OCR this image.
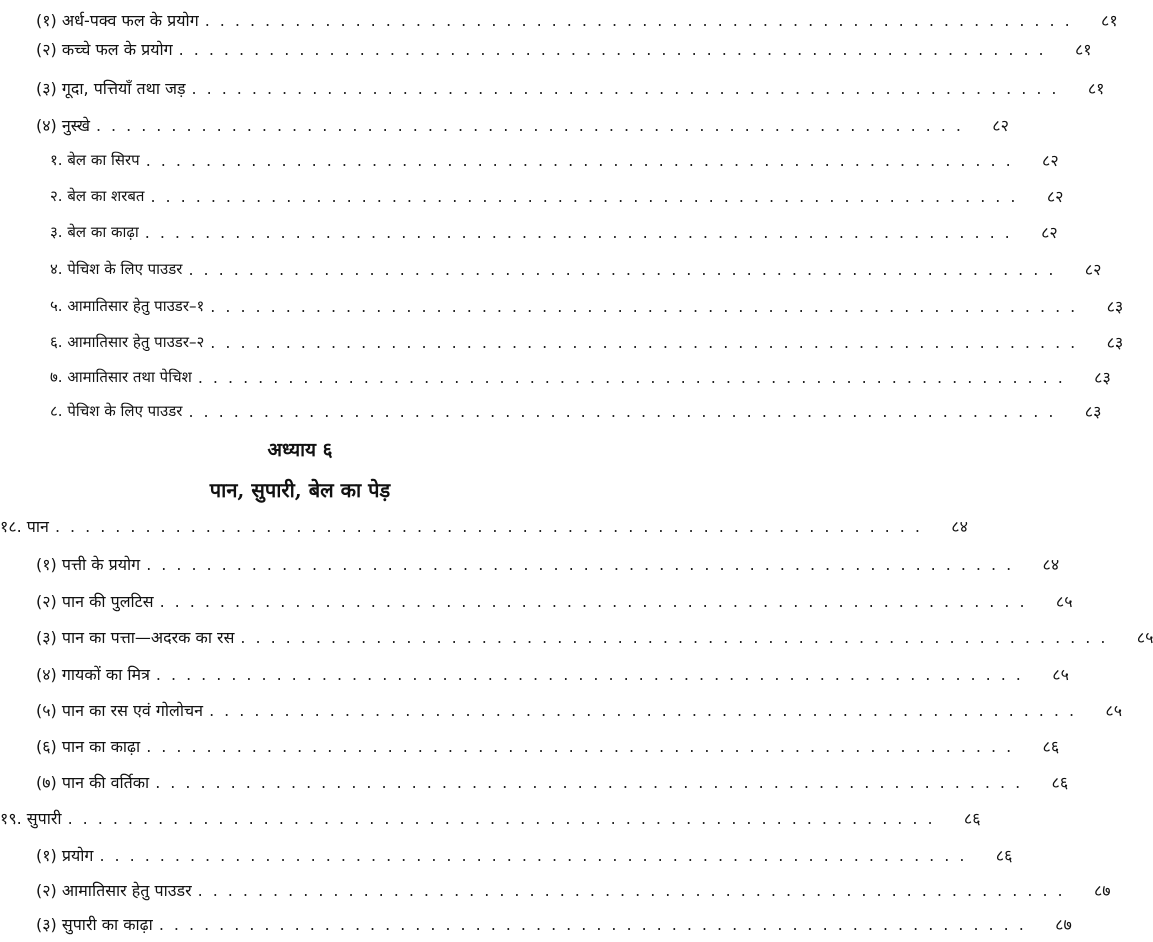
(१) अर्ध-पक्व फल के प्रयोग ..........................................................	८१
(२) कच्चे फल के प्रयोग ..........................................................	८१
(३) गूदा, पत्तियाँ तथा जड़ ..........................................................	८१
(४) नुस्खे ..........................................................	८२
१. बेल का सिरप ..........................................................	८२
२. बेल का शरबत ..........................................................	८२
३. बेल का काढ़ा ..........................................................	८२
४. पेचिश के लिए पाउडर ..........................................................	८२
५. आमातिसार हेतु पाउडर–१ ..........................................................	८३
६. आमातिसार हेतु पाउडर–२ ..........................................................	८३
७. आमातिसार तथा पेचिश ..........................................................	८३
८. पेचिश के लिए पाउडर ..........................................................	८३
अध्याय ६
पान, सुपारी, बेल का पेड़
१८. पान ..........................................................	८४
(१) पत्ती के प्रयोग ..........................................................	८४
(२) पान की पुलटिस ..........................................................	८५
(३) पान का पत्ता—अदरक का रस ..........................................................	८५
(४) गायकों का मित्र ..........................................................	८५
(५) पान का रस एवं गोलोचन ..........................................................	८५
(६) पान का काढ़ा ..........................................................	८६
(७) पान की वर्तिका ..........................................................	८६
१९. सुपारी ..........................................................	८६
(१) प्रयोग ..........................................................	८६
(२) आमातिसार हेतु पाउडर ..........................................................	८७
(३) सुपारी का काढ़ा ..........................................................	८७
